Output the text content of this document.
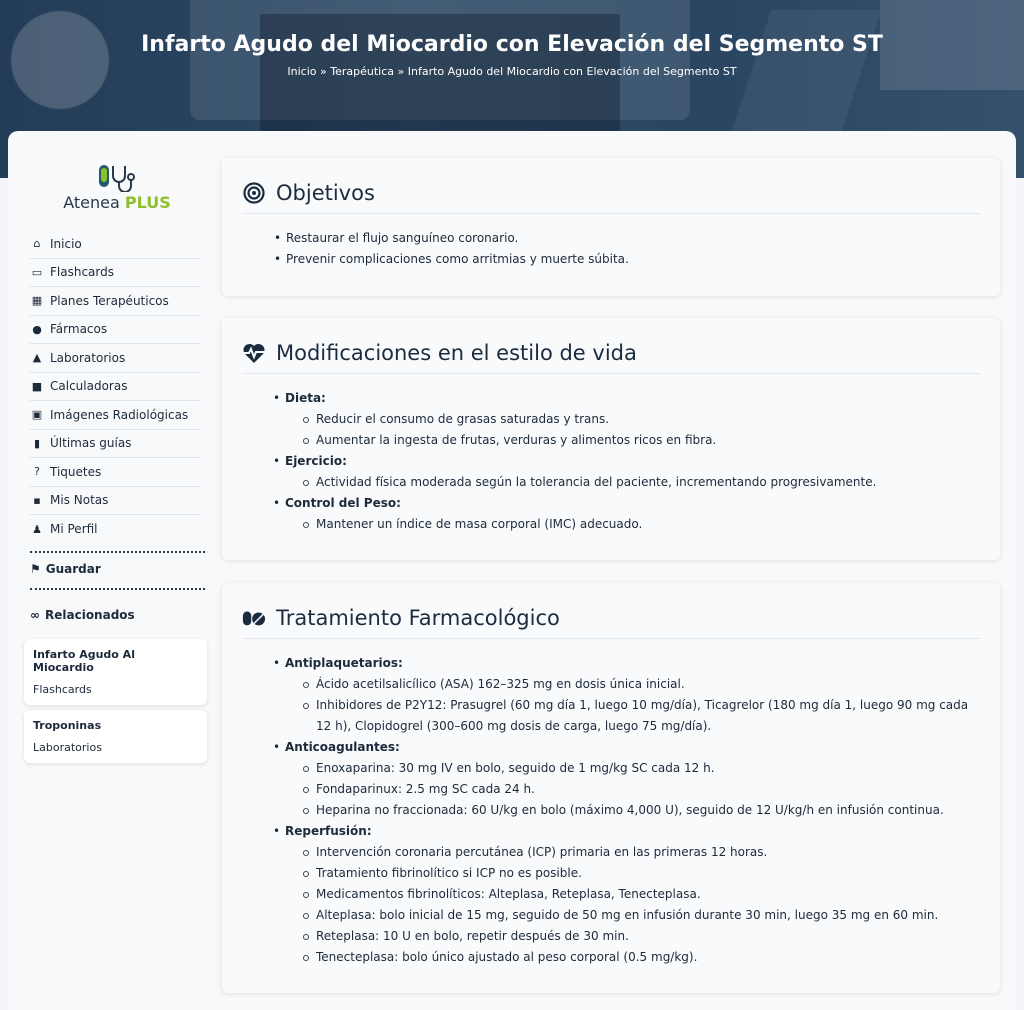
Infarto Agudo del Miocardio con Elevación del Segmento ST
Inicio » Terapéutica » Infarto Agudo del Miocardio con Elevación del Segmento ST
Atenea PLUS
⌂ Inicio
▭ Flashcards
▦ Planes Terapéuticos
● Fármacos
▲ Laboratorios
■ Calculadoras
▣ Imágenes Radiológicas
▮ Últimas guías
? Tiquetes
▪ Mis Notas
♟ Mi Perfil
⚑ Guardar
∞ Relacionados
Infarto Agudo Al Miocardio
Flashcards
Troponinas
Laboratorios
Objetivos
• Restaurar el flujo sanguíneo coronario.
• Prevenir complicaciones como arritmias y muerte súbita.
Modificaciones en el estilo de vida
• Dieta:
Reducir el consumo de grasas saturadas y trans.
Aumentar la ingesta de frutas, verduras y alimentos ricos en fibra.
• Ejercicio:
Actividad física moderada según la tolerancia del paciente, incrementando progresivamente.
• Control del Peso:
Mantener un índice de masa corporal (IMC) adecuado.
Tratamiento Farmacológico
• Antiplaquetarios:
Ácido acetilsalicílico (ASA) 162–325 mg en dosis única inicial.
Inhibidores de P2Y12: Prasugrel (60 mg día 1, luego 10 mg/día), Ticagrelor (180 mg día 1, luego 90 mg cada 12 h), Clopidogrel (300–600 mg dosis de carga, luego 75 mg/día).
• Anticoagulantes:
Enoxaparina: 30 mg IV en bolo, seguido de 1 mg/kg SC cada 12 h.
Fondaparinux: 2.5 mg SC cada 24 h.
Heparina no fraccionada: 60 U/kg en bolo (máximo 4,000 U), seguido de 12 U/kg/h en infusión continua.
• Reperfusión:
Intervención coronaria percutánea (ICP) primaria en las primeras 12 horas.
Tratamiento fibrinolítico si ICP no es posible.
Medicamentos fibrinolíticos: Alteplasa, Reteplasa, Tenecteplasa.
Alteplasa: bolo inicial de 15 mg, seguido de 50 mg en infusión durante 30 min, luego 35 mg en 60 min.
Reteplasa: 10 U en bolo, repetir después de 30 min.
Tenecteplasa: bolo único ajustado al peso corporal (0.5 mg/kg).
